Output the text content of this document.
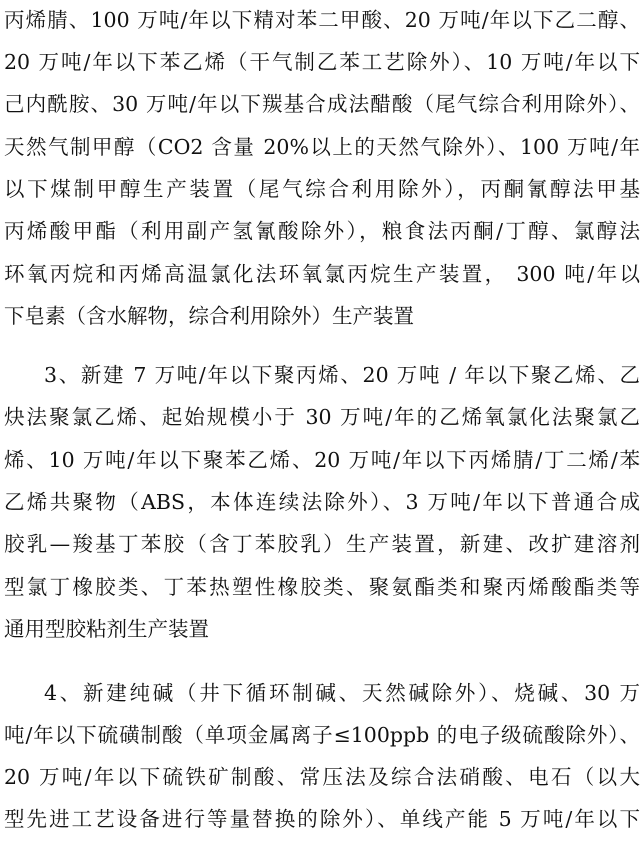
丙烯腈、100 万吨/年以下精对苯二甲酸、20 万吨/年以下乙二醇、
20 万吨/年以下苯乙烯（干气制乙苯工艺除外）、10 万吨/年以下
己内酰胺、30 万吨/年以下羰基合成法醋酸（尾气综合利用除外）、
天然气制甲醇（CO2 含量 20%以上的天然气除外）、100 万吨/年
以下煤制甲醇生产装置（尾气综合利用除外），丙酮氰醇法甲基
丙烯酸甲酯（利用副产氢氰酸除外），粮食法丙酮/丁醇、氯醇法
环氧丙烷和丙烯高温氯化法环氧氯丙烷生产装置， 300 吨/年以
下皂素（含水解物，综合利用除外）生产装置
3、新建 7 万吨/年以下聚丙烯、20 万吨 / 年以下聚乙烯、乙
炔法聚氯乙烯、起始规模小于 30 万吨/年的乙烯氧氯化法聚氯乙
烯、10 万吨/年以下聚苯乙烯、20 万吨/年以下丙烯腈/丁二烯/苯
乙烯共聚物（ABS，本体连续法除外）、3 万吨/年以下普通合成
胶乳—羧基丁苯胶（含丁苯胶乳）生产装置，新建、改扩建溶剂
型氯丁橡胶类、丁苯热塑性橡胶类、聚氨酯类和聚丙烯酸酯类等
通用型胶粘剂生产装置
4、新建纯碱（井下循环制碱、天然碱除外）、烧碱、30 万
吨/年以下硫磺制酸（单项金属离子≤100ppb 的电子级硫酸除外）、
20 万吨/年以下硫铁矿制酸、常压法及综合法硝酸、电石（以大
型先进工艺设备进行等量替换的除外）、单线产能 5 万吨/年以下
